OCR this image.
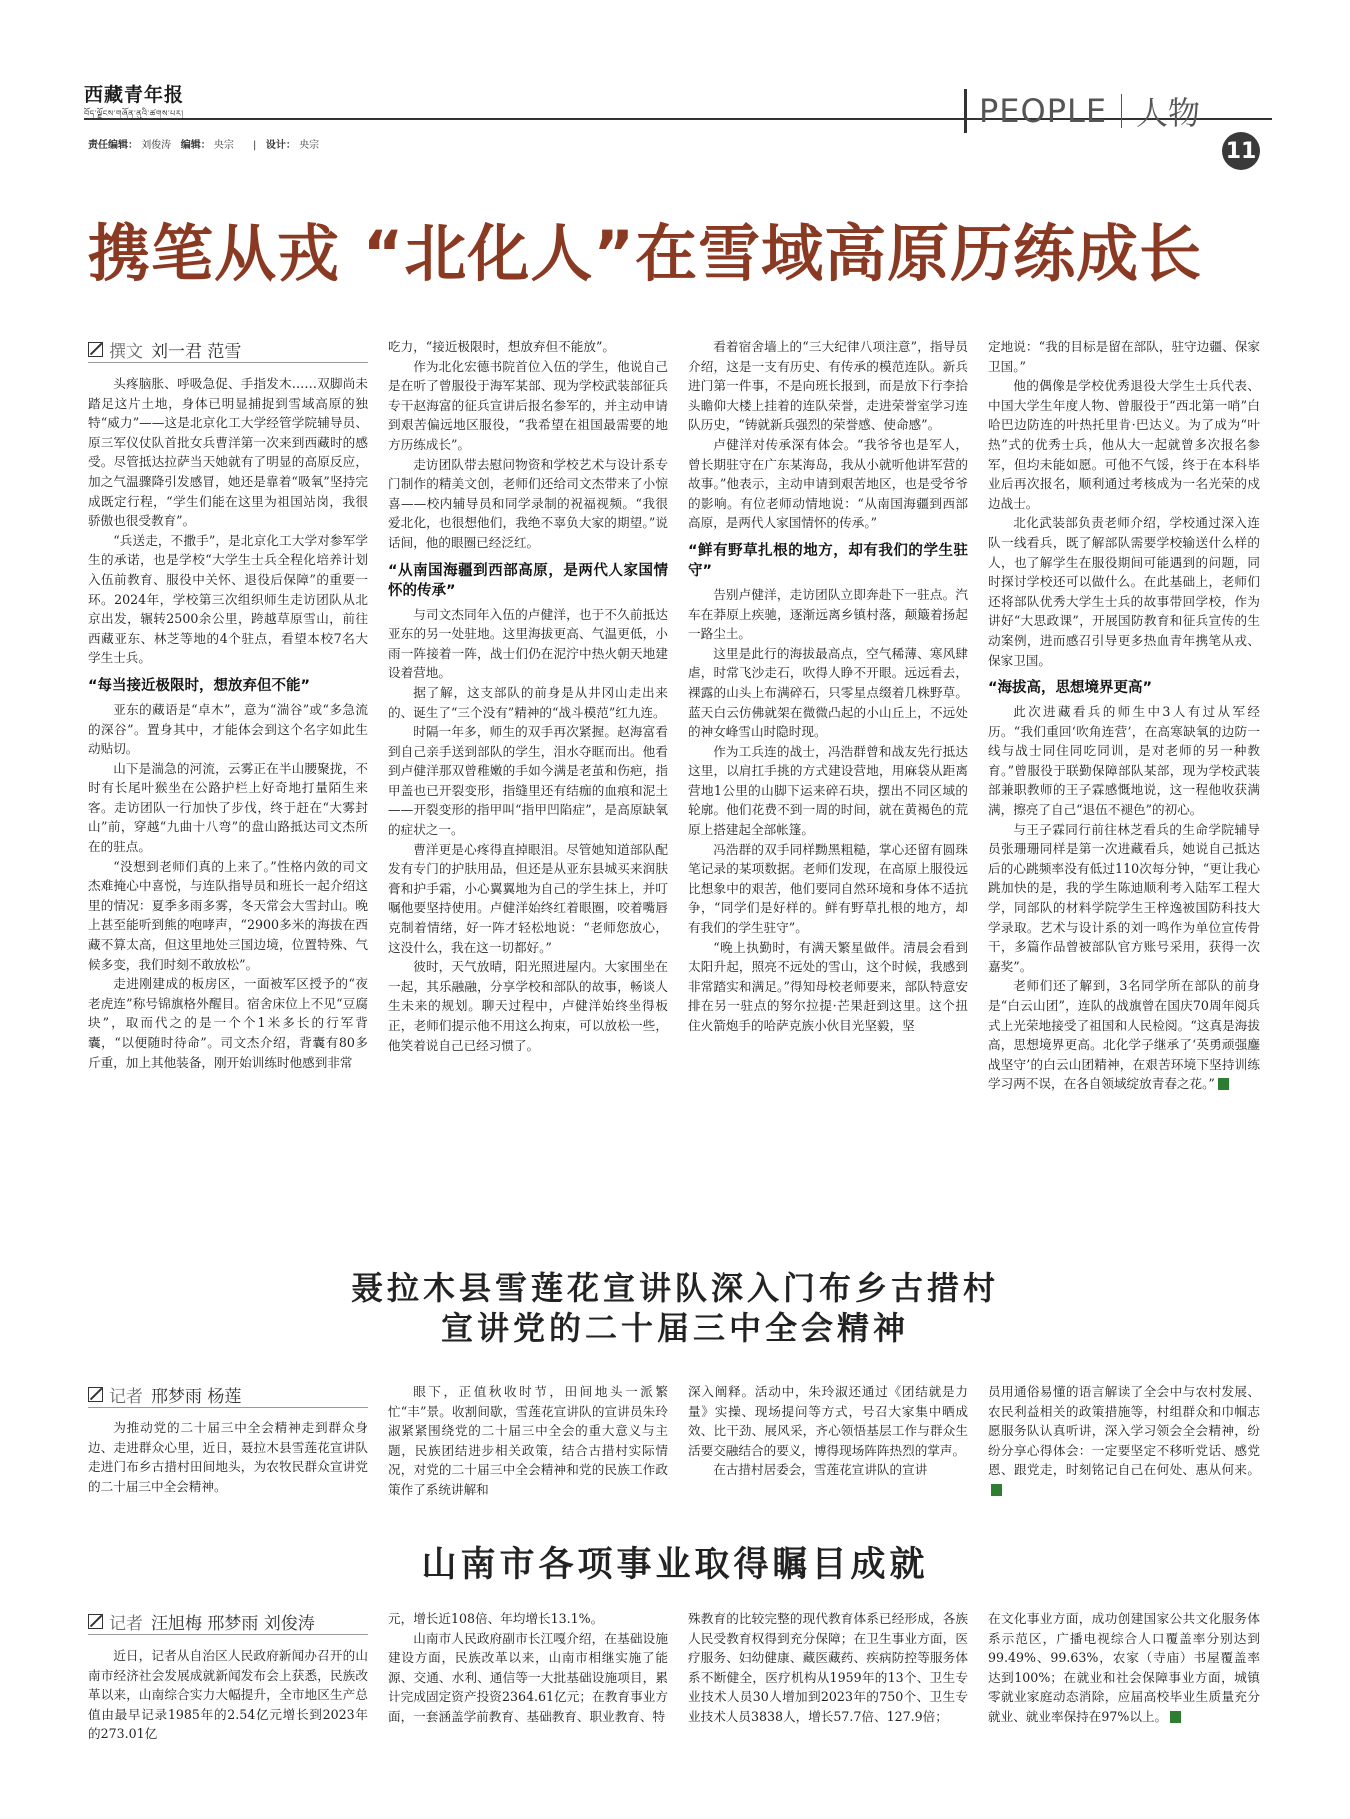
西藏青年报
བོད་ལྗོངས་གཞོན་ནུའི་ཚགས་པར།
责任编辑： 刘俊涛 编辑： 央宗      |   设计： 央宗
PEOPLE 人物
11
携笔从戎 “北化人”在雪域高原历练成长
撰文 刘一君 范雪

头疼脑胀、呼吸急促、手指发木……双脚尚未踏足这片土地，身体已明显捕捉到雪域高原的独特“威力”——这是北京化工大学经管学院辅导员、原三军仪仗队首批女兵曹洋第一次来到西藏时的感受。尽管抵达拉萨当天她就有了明显的高原反应，加之气温骤降引发感冒，她还是靠着“吸氧”坚持完成既定行程，“学生们能在这里为祖国站岗，我很骄傲也很受教育”。

“兵送走，不撒手”，是北京化工大学对参军学生的承诺，也是学校“大学生士兵全程化培养计划入伍前教育、服役中关怀、退役后保障”的重要一环。2024年，学校第三次组织师生走访团队从北京出发，辗转2500余公里，跨越草原雪山，前往西藏亚东、林芝等地的4个驻点，看望本校7名大学生士兵。

“每当接近极限时，想放弃但不能”

亚东的藏语是“卓木”，意为“湍谷”或“多急流的深谷”。置身其中，才能体会到这个名字如此生动贴切。

山下是湍急的河流，云雾正在半山腰聚拢，不时有长尾叶猴坐在公路护栏上好奇地打量陌生来客。走访团队一行加快了步伐，终于赶在“大雾封山”前，穿越“九曲十八弯”的盘山路抵达司文杰所在的驻点。

“没想到老师们真的上来了。”性格内敛的司文杰难掩心中喜悦，与连队指导员和班长一起介绍这里的情况：夏季多雨多雾，冬天常会大雪封山。晚上甚至能听到熊的咆哮声，“2900多米的海拔在西藏不算太高，但这里地处三国边境，位置特殊、气候多变，我们时刻不敢放松”。

走进刚建成的板房区，一面被军区授予的“夜老虎连”称号锦旗格外醒目。宿舍床位上不见“豆腐块”，取而代之的是一个个1米多长的行军背囊，“以便随时待命”。司文杰介绍，背囊有80多斤重，加上其他装备，刚开始训练时他感到非常

吃力，“接近极限时，想放弃但不能放”。

作为北化宏德书院首位入伍的学生，他说自己是在听了曾服役于海军某部、现为学校武装部征兵专干赵海富的征兵宣讲后报名参军的，并主动申请到艰苦偏远地区服役，“我希望在祖国最需要的地方历练成长”。

走访团队带去慰问物资和学校艺术与设计系专门制作的精美文创，老师们还给司文杰带来了小惊喜——校内辅导员和同学录制的祝福视频。“我很爱北化，也很想他们，我绝不辜负大家的期望。”说话间，他的眼圈已经泛红。

“从南国海疆到西部高原，是两代人家国情怀的传承”

与司文杰同年入伍的卢健洋，也于不久前抵达亚东的另一处驻地。这里海拔更高、气温更低，小雨一阵接着一阵，战士们仍在泥泞中热火朝天地建设着营地。

据了解，这支部队的前身是从井冈山走出来的、诞生了“三个没有”精神的“战斗模范”红九连。

时隔一年多，师生的双手再次紧握。赵海富看到自己亲手送到部队的学生，泪水夺眶而出。他看到卢健洋那双曾稚嫩的手如今满是老茧和伤疤，指甲盖也已开裂变形，指缝里还有结痂的血痕和泥土——开裂变形的指甲叫“指甲凹陷症”，是高原缺氧的症状之一。

曹洋更是心疼得直掉眼泪。尽管她知道部队配发有专门的护肤用品，但还是从亚东县城买来润肤膏和护手霜，小心翼翼地为自己的学生抹上，并叮嘱他要坚持使用。卢健洋始终红着眼圈，咬着嘴唇克制着情绪，好一阵才轻松地说：“老师您放心，这没什么，我在这一切都好。”

彼时，天气放晴，阳光照进屋内。大家围坐在一起，其乐融融，分享学校和部队的故事，畅谈人生未来的规划。聊天过程中，卢健洋始终坐得板正，老师们提示他不用这么拘束，可以放松一些，他笑着说自己已经习惯了。

看着宿舍墙上的“三大纪律八项注意”，指导员介绍，这是一支有历史、有传承的模范连队。新兵进门第一件事，不是向班长报到，而是放下行李拾头瞻仰大楼上挂着的连队荣誉，走进荣誉室学习连队历史，“铸就新兵强烈的荣誉感、使命感”。

卢健洋对传承深有体会。“我爷爷也是军人，曾长期驻守在广东某海岛，我从小就听他讲军营的故事。”他表示，主动申请到艰苦地区，也是受爷爷的影响。有位老师动情地说：“从南国海疆到西部高原，是两代人家国情怀的传承。”

“鲜有野草扎根的地方，却有我们的学生驻守”

告别卢健洋，走访团队立即奔赴下一驻点。汽车在莽原上疾驰，逐渐远离乡镇村落，颠簸着扬起一路尘土。

这里是此行的海拔最高点，空气稀薄、寒风肆虐，时常飞沙走石，吹得人睁不开眼。远远看去，裸露的山头上布满碎石，只零星点缀着几株野草。蓝天白云仿佛就架在微微凸起的小山丘上，不远处的神女峰雪山时隐时现。

作为工兵连的战士，冯浩群曾和战友先行抵达这里，以肩扛手挑的方式建设营地，用麻袋从距离营地1公里的山脚下运来碎石块，摆出不同区域的轮廓。他们花费不到一周的时间，就在黄褐色的荒原上搭建起全部帐篷。

冯浩群的双手同样黝黑粗糙，掌心还留有圆珠笔记录的某项数据。老师们发现，在高原上服役远比想象中的艰苦，他们要同自然环境和身体不适抗争，“同学们是好样的。鲜有野草扎根的地方，却有我们的学生驻守”。

“晚上执勤时，有满天繁星做伴。清晨会看到太阳升起，照亮不远处的雪山，这个时候，我感到非常踏实和满足。”得知母校老师要来，部队特意安排在另一驻点的努尔拉提·芒果赶到这里。这个扭住火箭炮手的哈萨克族小伙目光坚毅，坚

定地说：“我的目标是留在部队，驻守边疆、保家卫国。”

他的偶像是学校优秀退役大学生士兵代表、中国大学生年度人物、曾服役于“西北第一哨”白哈巴边防连的叶热托里肯·巴达义。为了成为“叶热”式的优秀士兵，他从大一起就曾多次报名参军，但均未能如愿。可他不气馁，终于在本科毕业后再次报名，顺利通过考核成为一名光荣的戍边战士。

北化武装部负责老师介绍，学校通过深入连队一线看兵，既了解部队需要学校输送什么样的人，也了解学生在服役期间可能遇到的问题，同时探讨学校还可以做什么。在此基础上，老师们还将部队优秀大学生士兵的故事带回学校，作为讲好“大思政课”，开展国防教育和征兵宣传的生动案例，进而感召引导更多热血青年携笔从戎、保家卫国。

“海拔高，思想境界更高”

此次进藏看兵的师生中3人有过从军经历。“我们重回‘吹角连营’，在高寒缺氧的边防一线与战士同住同吃同训，是对老师的另一种教育。”曾服役于联勤保障部队某部，现为学校武装部兼职教师的王子霖感慨地说，这一程他收获满满，擦亮了自己“退伍不褪色”的初心。

与王子霖同行前往林芝看兵的生命学院辅导员张珊珊同样是第一次进藏看兵，她说自己抵达后的心跳频率没有低过110次每分钟，“更让我心跳加快的是，我的学生陈迪顺利考入陆军工程大学，同部队的材料学院学生王梓逸被国防科技大学录取。艺术与设计系的刘一鸣作为单位宣传骨干，多篇作品曾被部队官方账号采用，获得一次嘉奖”。

老师们还了解到，3名同学所在部队的前身是“白云山团”，连队的战旗曾在国庆70周年阅兵式上光荣地接受了祖国和人民检阅。“这真是海拔高，思想境界更高。北化学子继承了‘英勇顽强鏖战坚守’的白云山团精神，在艰苦环境下坚持训练学习两不误，在各自领域绽放青春之花。”

聂拉木县雪莲花宣讲队深入门布乡古措村
宣讲党的二十届三中全会精神
记者 邢梦雨 杨莲

为推动党的二十届三中全会精神走到群众身边、走进群众心里，近日，聂拉木县雪莲花宣讲队走进门布乡古措村田间地头，为农牧民群众宣讲党的二十届三中全会精神。

眼下，正值秋收时节，田间地头一派繁忙“丰”景。收割间歇，雪莲花宣讲队的宣讲员朱玲淑紧紧围绕党的二十届三中全会的重大意义与主题，民族团结进步相关政策，结合古措村实际情况，对党的二十届三中全会精神和党的民族工作政策作了系统讲解和

深入阐释。活动中，朱玲淑还通过《团结就是力量》实操、现场提问等方式，号召大家集中晒成效、比干劲、展风采，齐心领悟基层工作与群众生活要交融结合的要义，博得现场阵阵热烈的掌声。

在古措村居委会，雪莲花宣讲队的宣讲

员用通俗易懂的语言解读了全会中与农村发展、农民利益相关的政策措施等，村组群众和巾帼志愿服务队认真听讲，深入学习领会全会精神，纷纷分享心得体会：一定要坚定不移听党话、感党恩、跟党走，时刻铭记自己在何处、惠从何来。

山南市各项事业取得瞩目成就
记者 汪旭梅 邢梦雨 刘俊涛

近日，记者从自治区人民政府新闻办召开的山南市经济社会发展成就新闻发布会上获悉，民族改革以来，山南综合实力大幅提升，全市地区生产总值由最早记录1985年的2.54亿元增长到2023年的273.01亿

元，增长近108倍、年均增长13.1%。

山南市人民政府副市长江嘎介绍，在基础设施建设方面，民族改革以来，山南市相继实施了能源、交通、水利、通信等一大批基础设施项目，累计完成固定资产投资2364.61亿元；在教育事业方面，一套涵盖学前教育、基础教育、职业教育、特

殊教育的比较完整的现代教育体系已经形成，各族人民受教育权得到充分保障；在卫生事业方面，医疗服务、妇幼健康、藏医藏药、疾病防控等服务体系不断健全，医疗机构从1959年的13个、卫生专业技术人员30人增加到2023年的750个、卫生专业技术人员3838人，增长57.7倍、127.9倍；

在文化事业方面，成功创建国家公共文化服务体系示范区，广播电视综合人口覆盖率分别达到99.49%、99.63%，农家（寺庙）书屋覆盖率达到100%；在就业和社会保障事业方面，城镇零就业家庭动态消除，应届高校毕业生质量充分就业、就业率保持在97%以上。
